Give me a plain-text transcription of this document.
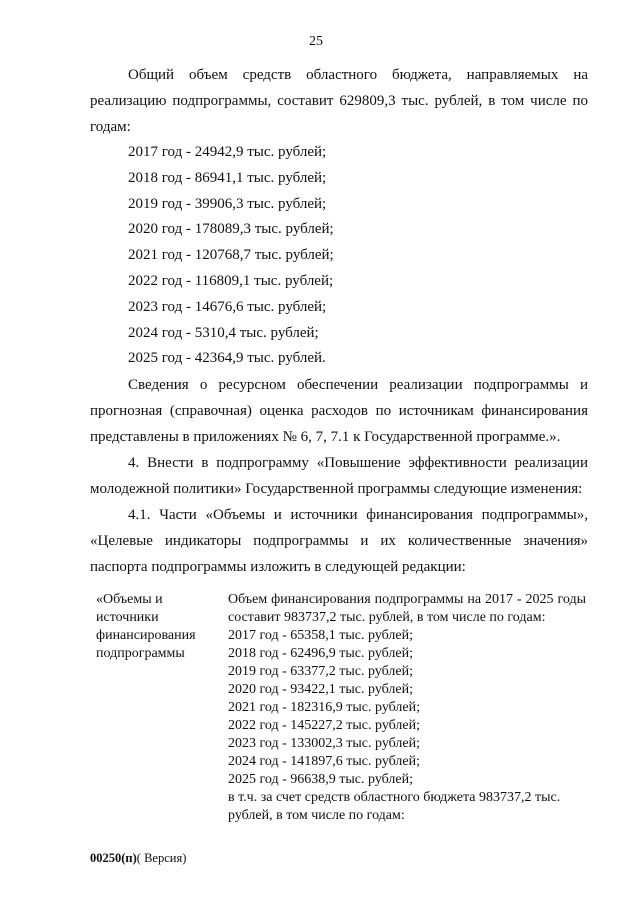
25

Общий объем средств областного бюджета, направляемых на реализацию подпрограммы, составит 629809,3 тыс. рублей, в том числе по годам:

2017 год - 24942,9 тыс. рублей;
2018 год - 86941,1 тыс. рублей;
2019 год - 39906,3 тыс. рублей;
2020 год - 178089,3 тыс. рублей;
2021 год - 120768,7 тыс. рублей;
2022 год - 116809,1 тыс. рублей;
2023 год - 14676,6 тыс. рублей;
2024 год - 5310,4 тыс. рублей;
2025 год - 42364,9 тыс. рублей.

Сведения о ресурсном обеспечении реализации подпрограммы и прогнозная (справочная) оценка расходов по источникам финансирования представлены в приложениях № 6, 7, 7.1 к Государственной программе.».

4. Внести в подпрограмму «Повышение эффективности реализации молодежной политики» Государственной программы следующие изменения:

4.1. Части «Объемы и источники финансирования подпрограммы», «Целевые индикаторы подпрограммы и их количественные значения» паспорта подпрограммы изложить в следующей редакции:

«Объемы и
источники
финансирования
подпрограммы

Объем финансирования подпрограммы на 2017 - 2025 годы составит 983737,2 тыс. рублей, в том числе по годам:

2017 год - 65358,1 тыс. рублей;
2018 год - 62496,9 тыс. рублей;
2019 год - 63377,2 тыс. рублей;
2020 год - 93422,1 тыс. рублей;
2021 год - 182316,9 тыс. рублей;
2022 год - 145227,2 тыс. рублей;
2023 год - 133002,3 тыс. рублей;
2024 год - 141897,6 тыс. рублей;
2025 год - 96638,9 тыс. рублей;

в т.ч. за счет средств областного бюджета 983737,2 тыс. рублей, в том числе по годам:

00250(п)( Версия)
